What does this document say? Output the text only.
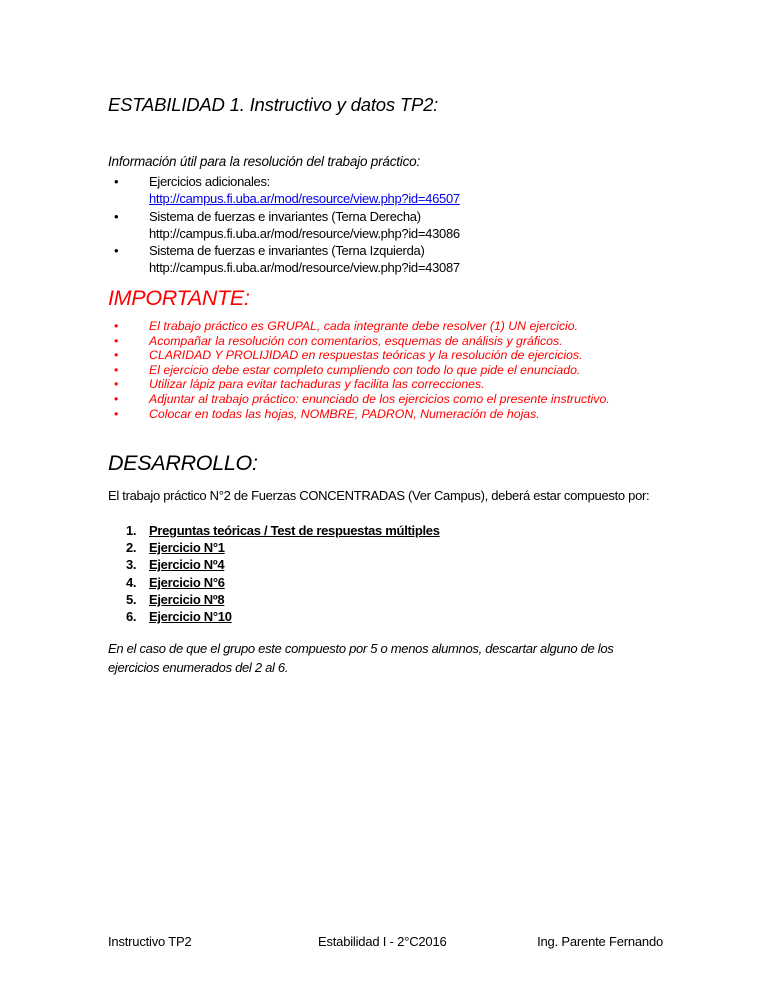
ESTABILIDAD 1. Instructivo y datos TP2:
Información útil para la resolución del trabajo práctico:
• Ejercicios adicionales:
http://campus.fi.uba.ar/mod/resource/view.php?id=46507
• Sistema de fuerzas e invariantes (Terna Derecha)
http://campus.fi.uba.ar/mod/resource/view.php?id=43086
• Sistema de fuerzas e invariantes (Terna Izquierda)
http://campus.fi.uba.ar/mod/resource/view.php?id=43087
IMPORTANTE:
• El trabajo práctico es GRUPAL, cada integrante debe resolver (1) UN ejercicio.
• Acompañar la resolución con comentarios, esquemas de análisis y gráficos.
• CLARIDAD Y PROLIJIDAD en respuestas teóricas y la resolución de ejercicios.
• El ejercicio debe estar completo cumpliendo con todo lo que pide el enunciado.
• Utilizar lápiz para evitar tachaduras y facilita las correcciones.
• Adjuntar al trabajo práctico: enunciado de los ejercicios como el presente instructivo.
• Colocar en todas las hojas, NOMBRE, PADRON, Numeración de hojas.
DESARROLLO:
El trabajo práctico N°2 de Fuerzas CONCENTRADAS (Ver Campus), deberá estar compuesto por:
1. Preguntas teóricas / Test de respuestas múltiples
2. Ejercicio N°1
3. Ejercicio Nº4
4. Ejercicio N°6
5. Ejercicio Nº8
6. Ejercicio N°10
En el caso de que el grupo este compuesto por 5 o menos alumnos, descartar alguno de los ejercicios enumerados del 2 al 6.
Instructivo TP2	Estabilidad I - 2°C2016	Ing. Parente Fernando
